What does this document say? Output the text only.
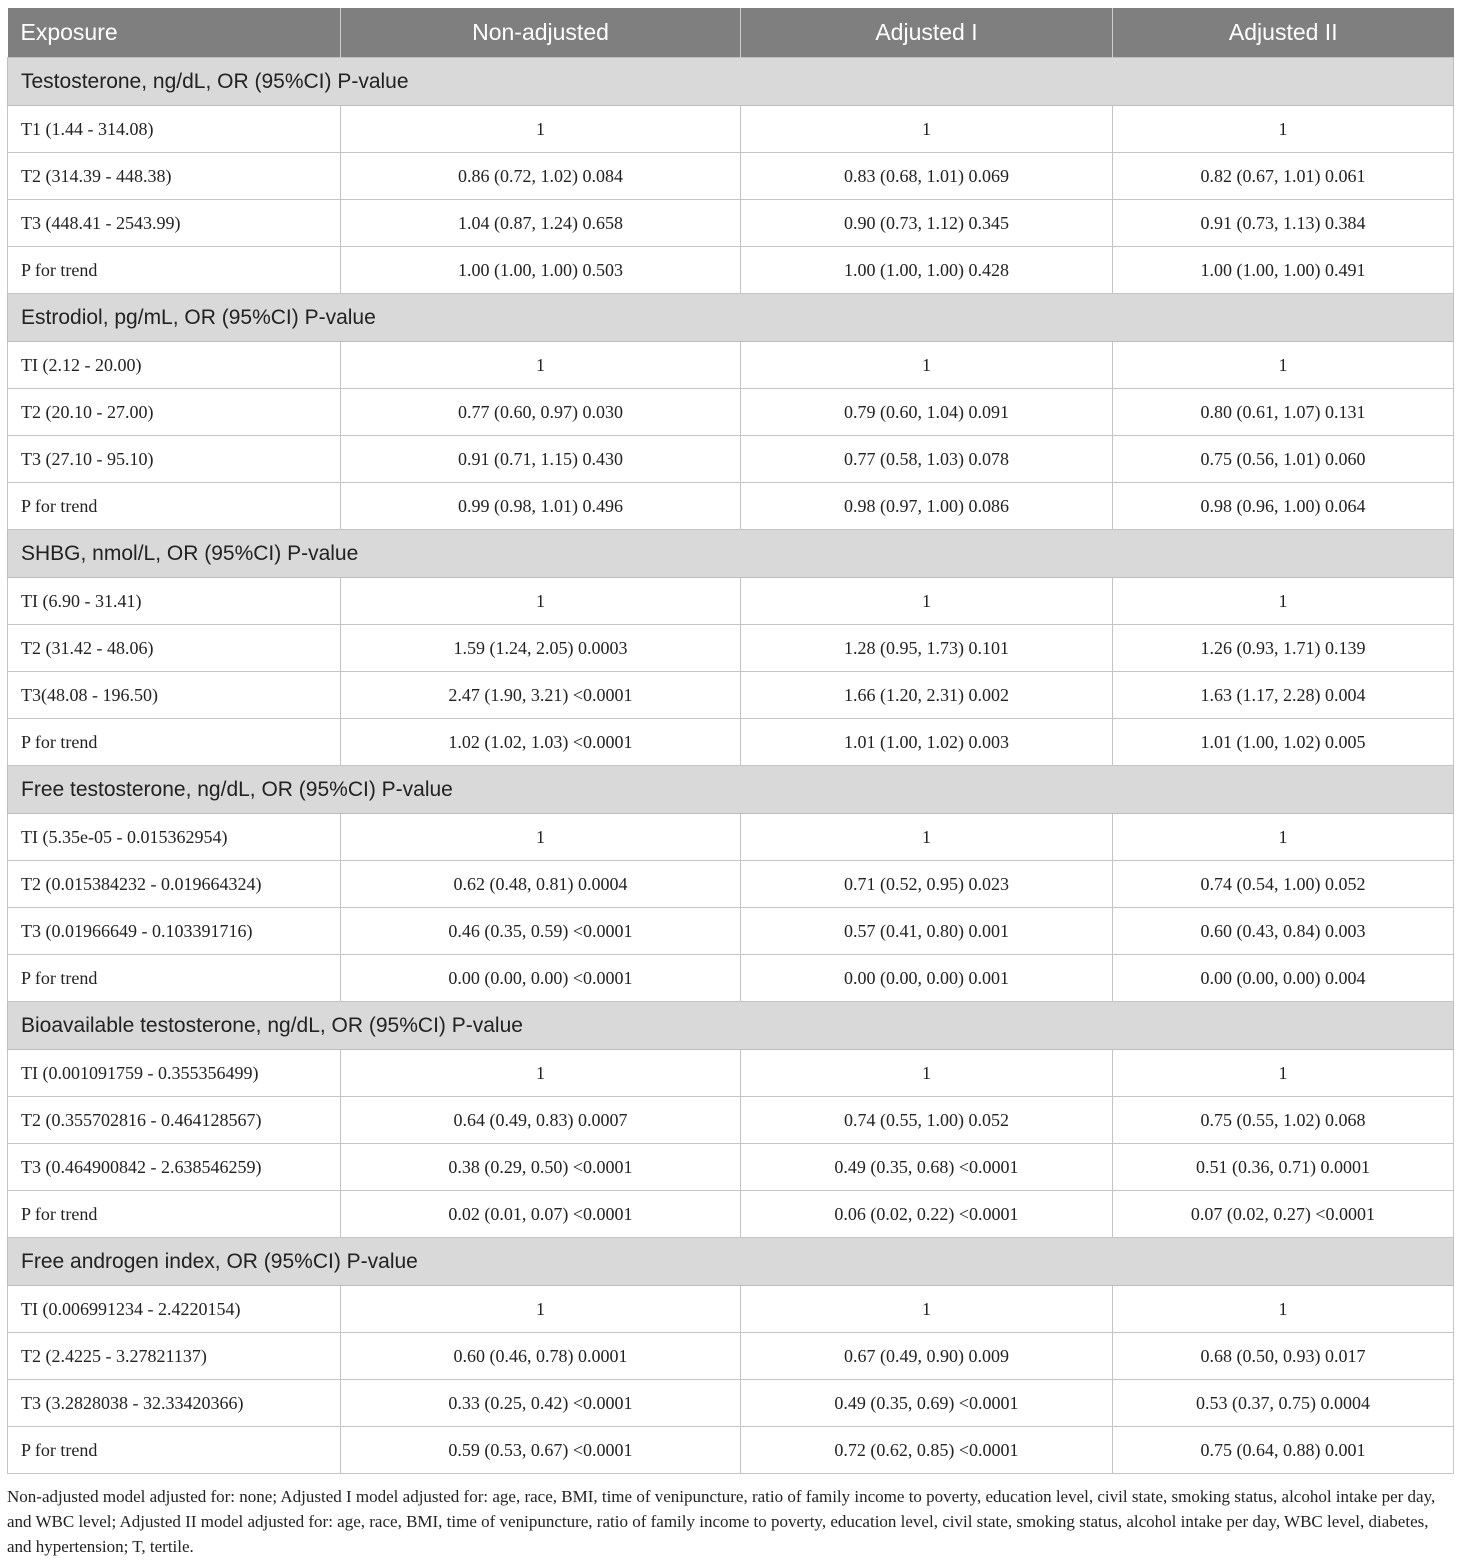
Exposure	Non-adjusted	Adjusted I	Adjusted II
Testosterone, ng/dL, OR (95%CI) P-value			
T1 (1.44 - 314.08)	1	1	1
T2 (314.39 - 448.38)	0.86 (0.72, 1.02) 0.084	0.83 (0.68, 1.01) 0.069	0.82 (0.67, 1.01) 0.061
T3 (448.41 - 2543.99)	1.04 (0.87, 1.24) 0.658	0.90 (0.73, 1.12) 0.345	0.91 (0.73, 1.13) 0.384
P for trend	1.00 (1.00, 1.00) 0.503	1.00 (1.00, 1.00) 0.428	1.00 (1.00, 1.00) 0.491
Estrodiol, pg/mL, OR (95%CI) P-value			
TI (2.12 - 20.00)	1	1	1
T2 (20.10 - 27.00)	0.77 (0.60, 0.97) 0.030	0.79 (0.60, 1.04) 0.091	0.80 (0.61, 1.07) 0.131
T3 (27.10 - 95.10)	0.91 (0.71, 1.15) 0.430	0.77 (0.58, 1.03) 0.078	0.75 (0.56, 1.01) 0.060
P for trend	0.99 (0.98, 1.01) 0.496	0.98 (0.97, 1.00) 0.086	0.98 (0.96, 1.00) 0.064
SHBG, nmol/L, OR (95%CI) P-value			
TI (6.90 - 31.41)	1	1	1
T2 (31.42 - 48.06)	1.59 (1.24, 2.05) 0.0003	1.28 (0.95, 1.73) 0.101	1.26 (0.93, 1.71) 0.139
T3(48.08 - 196.50)	2.47 (1.90, 3.21) <0.0001	1.66 (1.20, 2.31) 0.002	1.63 (1.17, 2.28) 0.004
P for trend	1.02 (1.02, 1.03) <0.0001	1.01 (1.00, 1.02) 0.003	1.01 (1.00, 1.02) 0.005
Free testosterone, ng/dL, OR (95%CI) P-value			
TI (5.35e-05 - 0.015362954)	1	1	1
T2 (0.015384232 - 0.019664324)	0.62 (0.48, 0.81) 0.0004	0.71 (0.52, 0.95) 0.023	0.74 (0.54, 1.00) 0.052
T3 (0.01966649 - 0.103391716)	0.46 (0.35, 0.59) <0.0001	0.57 (0.41, 0.80) 0.001	0.60 (0.43, 0.84) 0.003
P for trend	0.00 (0.00, 0.00) <0.0001	0.00 (0.00, 0.00) 0.001	0.00 (0.00, 0.00) 0.004
Bioavailable testosterone, ng/dL, OR (95%CI) P-value			
TI (0.001091759 - 0.355356499)	1	1	1
T2 (0.355702816 - 0.464128567)	0.64 (0.49, 0.83) 0.0007	0.74 (0.55, 1.00) 0.052	0.75 (0.55, 1.02) 0.068
T3 (0.464900842 - 2.638546259)	0.38 (0.29, 0.50) <0.0001	0.49 (0.35, 0.68) <0.0001	0.51 (0.36, 0.71) 0.0001
P for trend	0.02 (0.01, 0.07) <0.0001	0.06 (0.02, 0.22) <0.0001	0.07 (0.02, 0.27) <0.0001
Free androgen index, OR (95%CI) P-value			
TI (0.006991234 - 2.4220154)	1	1	1
T2 (2.4225 - 3.27821137)	0.60 (0.46, 0.78) 0.0001	0.67 (0.49, 0.90) 0.009	0.68 (0.50, 0.93) 0.017
T3 (3.2828038 - 32.33420366)	0.33 (0.25, 0.42) <0.0001	0.49 (0.35, 0.69) <0.0001	0.53 (0.37, 0.75) 0.0004
P for trend	0.59 (0.53, 0.67) <0.0001	0.72 (0.62, 0.85) <0.0001	0.75 (0.64, 0.88) 0.001
Non-adjusted model adjusted for: none; Adjusted I model adjusted for: age, race, BMI, time of venipuncture, ratio of family income to poverty, education level, civil state, smoking status, alcohol intake per day, and WBC level; Adjusted II model adjusted for: age, race, BMI, time of venipuncture, ratio of family income to poverty, education level, civil state, smoking status, alcohol intake per day, WBC level, diabetes, and hypertension; T, tertile.
